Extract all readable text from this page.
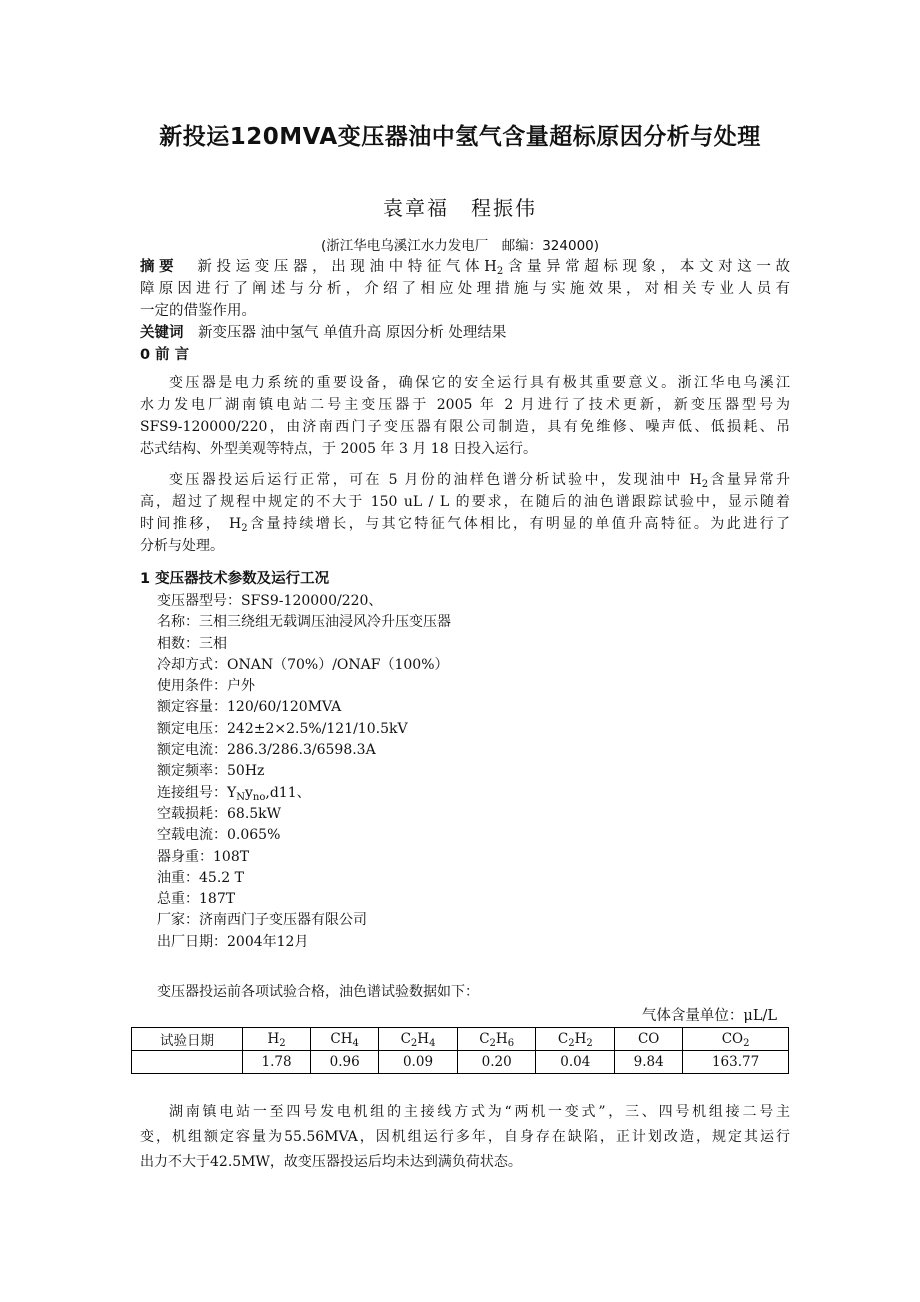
新投运120MVA变压器油中氢气含量超标原因分析与处理
袁章福　程振伟
(浙江华电乌溪江水力发电厂　邮编：324000)
摘要　 新投运变压器，出现油中特征气体$H_2$含量异常超标现象，本文对这一故
障原因进行了阐述与分析，介绍了相应处理措施与实施效果，对相关专业人员有
一定的借鉴作用。
关键词　 新变压器 油中氢气 单值升高 原因分析 处理结果
0 前 言
变压器是电力系统的重要设备，确保它的安全运行具有极其重要意义。浙江华电乌溪江
水力发电厂湖南镇电站二号主变压器于 2005 年 2 月进行了技术更新，新变压器型号为
SFS9-120000/220，由济南西门子变压器有限公司制造，具有免维修、噪声低、低损耗、吊
芯式结构、外型美观等特点，于 2005 年 3 月 18 日投入运行。
变压器投运后运行正常，可在 5 月份的油样色谱分析试验中，发现油中 $H_2$含量异常升
高，超过了规程中规定的不大于 150 uL / L 的要求，在随后的油色谱跟踪试验中，显示随着
时间推移， $H_2$含量持续增长，与其它特征气体相比，有明显的单值升高特征。为此进行了
分析与处理。
1 变压器技术参数及运行工况
变压器型号：SFS9-120000/220、
名称：三相三绕组无载调压油浸风冷升压变压器
相数：三相
冷却方式：ONAN（70%）/ONAF（100%）
使用条件：户外
额定容量：120/60/120MVA
额定电压：242±2×2.5%/121/10.5kV
额定电流：286.3/286.3/6598.3A
额定频率：50Hz
连接组号：$Y_Ny_{no},d11$、
空载损耗：68.5kW
空载电流：0.065%
器身重：108T
油重：45.2 T
总重：187T
厂家：济南西门子变压器有限公司
出厂日期：2004年12月
变压器投运前各项试验合格，油色谱试验数据如下：
气体含量单位：μL/L
试验日期	$H_2$	$CH_4$	$C_2H_4$	$C_2H_6$	$C_2H_2$	CO	$CO_2$
	1.78	0.96	0.09	0.20	0.04	9.84	163.77
湖南镇电站一至四号发电机组的主接线方式为“两机一变式”，三、四号机组接二号主
变，机组额定容量为55.56MVA，因机组运行多年，自身存在缺陷，正计划改造，规定其运行
出力不大于42.5MW，故变压器投运后均未达到满负荷状态。
